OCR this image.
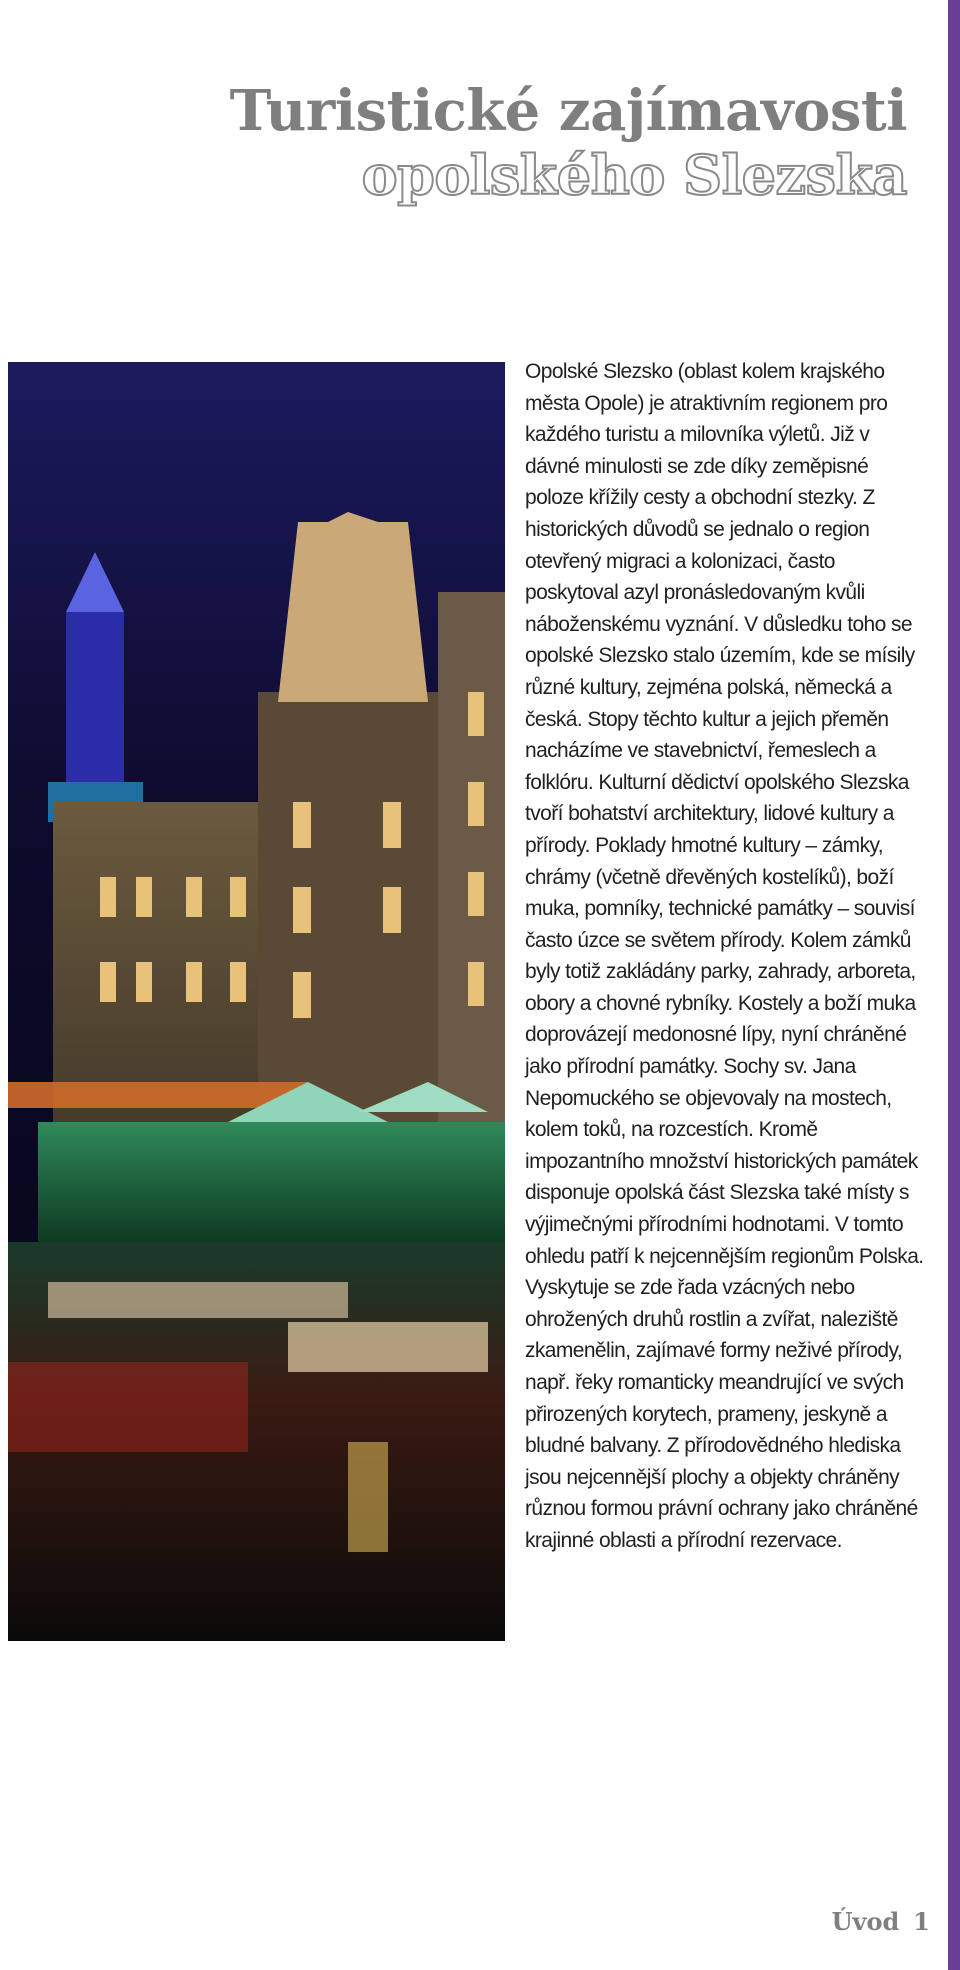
Turistické zajímavosti
opolského Slezska

Opolské Slezsko (oblast kolem krajského města Opole) je atraktivním regionem pro každého turistu a milovníka výletů. Již v dávné minulosti se zde díky zeměpisné poloze křížily cesty a obchodní stezky. Z historických důvodů se jednalo o region otevřený migraci a kolonizaci, často poskytoval azyl pronásledovaným kvůli náboženskému vyznání. V důsledku toho se opolské Slezsko stalo územím, kde se mísily různé kultury, zejména polská, německá a česká. Stopy těchto kultur a jejich přeměn nacházíme ve stavebnictví, řemeslech a folklóru. Kulturní dědictví opolského Slezska tvoří bohatství architektury, lidové kultury a přírody. Poklady hmotné kultury – zámky, chrámy (včetně dřevěných kostelíků), boží muka, pomníky, technické památky – souvisí často úzce se světem přírody. Kolem zámků byly totiž zakládány parky, zahrady, arboreta, obory a chovné rybníky. Kostely a boží muka doprovázejí medonosné lípy, nyní chráněné jako přírodní památky. Sochy sv. Jana Nepomuckého se objevovaly na mostech, kolem toků, na rozcestích. Kromě impozantního množství historických památek disponuje opolská část Slezska také místy s výjimečnými přírodními hodnotami. V tomto ohledu patří k nejcennějším regionům Polska. Vyskytuje se zde řada vzácných nebo ohrožených druhů rostlin a zvířat, naleziště zkamenělin, zajímavé formy neživé přírody, např. řeky romanticky meandrující ve svých přirozených korytech, prameny, jeskyně a bludné balvany. Z přírodovědného hlediska jsou nejcennější plochy a objekty chráněny různou formou právní ochrany jako chráněné krajinné oblasti a přírodní rezervace.

Úvod 1
